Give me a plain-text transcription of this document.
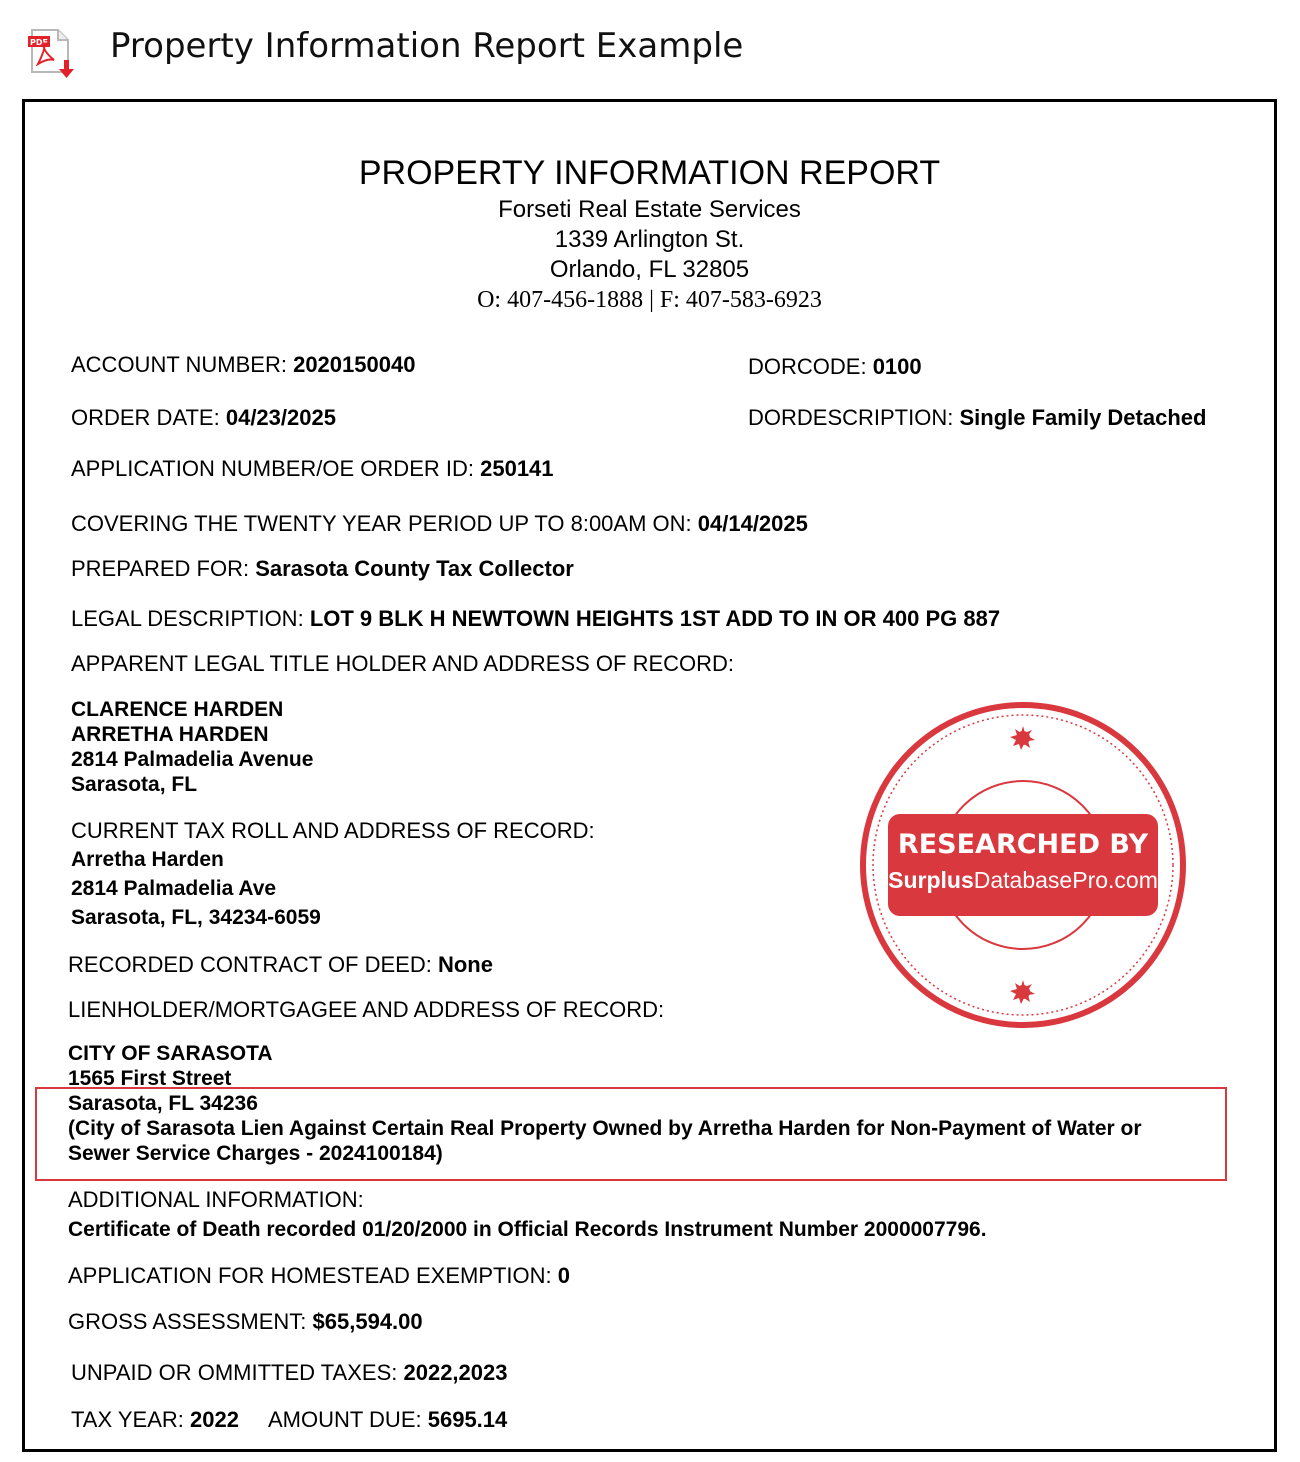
PDF Property Information Report Example
PROPERTY INFORMATION REPORT
Forseti Real Estate Services
1339 Arlington St.
Orlando, FL 32805
O: 407-456-1888 | F: 407-583-6923
ACCOUNT NUMBER: 2020150040	DORCODE: 0100
ORDER DATE: 04/23/2025	DORDESCRIPTION: Single Family Detached
APPLICATION NUMBER/OE ORDER ID: 250141
COVERING THE TWENTY YEAR PERIOD UP TO 8:00AM ON: 04/14/2025
PREPARED FOR: Sarasota County Tax Collector
LEGAL DESCRIPTION: LOT 9 BLK H NEWTOWN HEIGHTS 1ST ADD TO IN OR 400 PG 887
APPARENT LEGAL TITLE HOLDER AND ADDRESS OF RECORD:
CLARENCE HARDEN
ARRETHA HARDEN
2814 Palmadelia Avenue
Sarasota, FL
CURRENT TAX ROLL AND ADDRESS OF RECORD:
Arretha Harden
2814 Palmadelia Ave
Sarasota, FL, 34234-6059
RECORDED CONTRACT OF DEED: None
LIENHOLDER/MORTGAGEE AND ADDRESS OF RECORD:
CITY OF SARASOTA
1565 First Street
Sarasota, FL 34236
(City of Sarasota Lien Against Certain Real Property Owned by Arretha Harden for Non-Payment of Water or
Sewer Service Charges - 2024100184)
ADDITIONAL INFORMATION:
Certificate of Death recorded 01/20/2000 in Official Records Instrument Number 2000007796.
APPLICATION FOR HOMESTEAD EXEMPTION: 0
GROSS ASSESSMENT: $65,594.00
UNPAID OR OMMITTED TAXES: 2022,2023
TAX YEAR: 2022 AMOUNT DUE: 5695.14
RESEARCHED BY
SurplusDatabasePro.com
